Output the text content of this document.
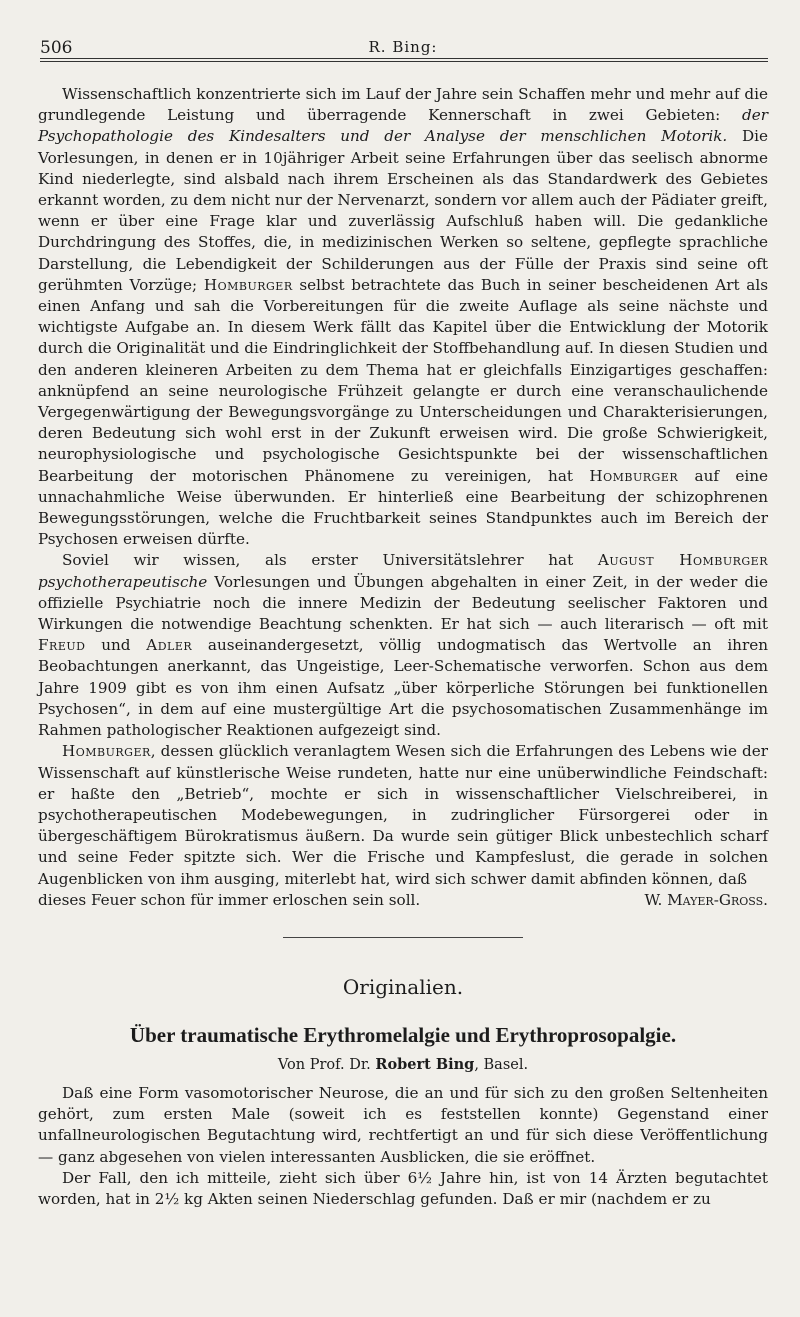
506	R. Bing:

Wissenschaftlich konzentrierte sich im Lauf der Jahre sein Schaffen mehr und mehr auf die grundlegende Leistung und überragende Kennerschaft in zwei Gebieten: der Psychopathologie des Kindesalters und der Analyse der menschlichen Motorik. Die Vorlesungen, in denen er in 10jähriger Arbeit seine Erfahrungen über das seelisch abnorme Kind niederlegte, sind alsbald nach ihrem Erscheinen als das Standardwerk des Gebietes erkannt worden, zu dem nicht nur der Nervenarzt, sondern vor allem auch der Pädiater greift, wenn er über eine Frage klar und zuverlässig Aufschluß haben will. Die gedankliche Durchdringung des Stoffes, die, in medizinischen Werken so seltene, gepflegte sprachliche Darstellung, die Lebendigkeit der Schilderungen aus der Fülle der Praxis sind seine oft gerühmten Vorzüge; Homburger selbst betrachtete das Buch in seiner bescheidenen Art als einen Anfang und sah die Vorbereitungen für die zweite Auflage als seine nächste und wichtigste Aufgabe an. In diesem Werk fällt das Kapitel über die Entwicklung der Motorik durch die Originalität und die Eindringlichkeit der Stoffbehandlung auf. In diesen Studien und den anderen kleineren Arbeiten zu dem Thema hat er gleichfalls Einzigartiges geschaffen: anknüpfend an seine neurologische Frühzeit gelangte er durch eine veranschaulichende Vergegenwärtigung der Bewegungsvorgänge zu Unterscheidungen und Charakterisierungen, deren Bedeutung sich wohl erst in der Zukunft erweisen wird. Die große Schwierigkeit, neurophysiologische und psychologische Gesichtspunkte bei der wissenschaftlichen Bearbeitung der motorischen Phänomene zu vereinigen, hat Homburger auf eine unnachahmliche Weise überwunden. Er hinterließ eine Bearbeitung der schizophrenen Bewegungsstörungen, welche die Fruchtbarkeit seines Standpunktes auch im Bereich der Psychosen erweisen dürfte.

Soviel wir wissen, als erster Universitätslehrer hat August Homburger psychotherapeutische Vorlesungen und Übungen abgehalten in einer Zeit, in der weder die offizielle Psychiatrie noch die innere Medizin der Bedeutung seelischer Faktoren und Wirkungen die notwendige Beachtung schenkten. Er hat sich — auch literarisch — oft mit Freud und Adler auseinandergesetzt, völlig undogmatisch das Wertvolle an ihren Beobachtungen anerkannt, das Ungeistige, Leer-Schematische verworfen. Schon aus dem Jahre 1909 gibt es von ihm einen Aufsatz „über körperliche Störungen bei funktionellen Psychosen“, in dem auf eine mustergültige Art die psychosomatischen Zusammenhänge im Rahmen pathologischer Reaktionen aufgezeigt sind.

Homburger, dessen glücklich veranlagtem Wesen sich die Erfahrungen des Lebens wie der Wissenschaft auf künstlerische Weise rundeten, hatte nur eine unüberwindliche Feindschaft: er haßte den „Betrieb“, mochte er sich in wissenschaftlicher Vielschreiberei, in psychotherapeutischen Modebewegungen, in zudringlicher Fürsorgerei oder in übergeschäftigem Bürokratismus äußern. Da wurde sein gütiger Blick unbestechlich scharf und seine Feder spitzte sich. Wer die Frische und Kampfeslust, die gerade in solchen Augenblicken von ihm ausging, miterlebt hat, wird sich schwer damit abfinden können, daß

dieses Feuer schon für immer erloschen sein soll.	W. Mayer-Gross.
Originalien.
Über traumatische Erythromelalgie und Erythroprosopalgie.
Von Prof. Dr. Robert Bing, Basel.

Daß eine Form vasomotorischer Neurose, die an und für sich zu den großen Seltenheiten gehört, zum ersten Male (soweit ich es feststellen konnte) Gegenstand einer unfallneurologischen Begutachtung wird, rechtfertigt an und für sich diese Veröffentlichung — ganz abgesehen von vielen interessanten Ausblicken, die sie eröffnet.

Der Fall, den ich mitteile, zieht sich über 6½ Jahre hin, ist von 14 Ärzten begutachtet worden, hat in 2½ kg Akten seinen Niederschlag gefunden. Daß er mir (nachdem er zu
